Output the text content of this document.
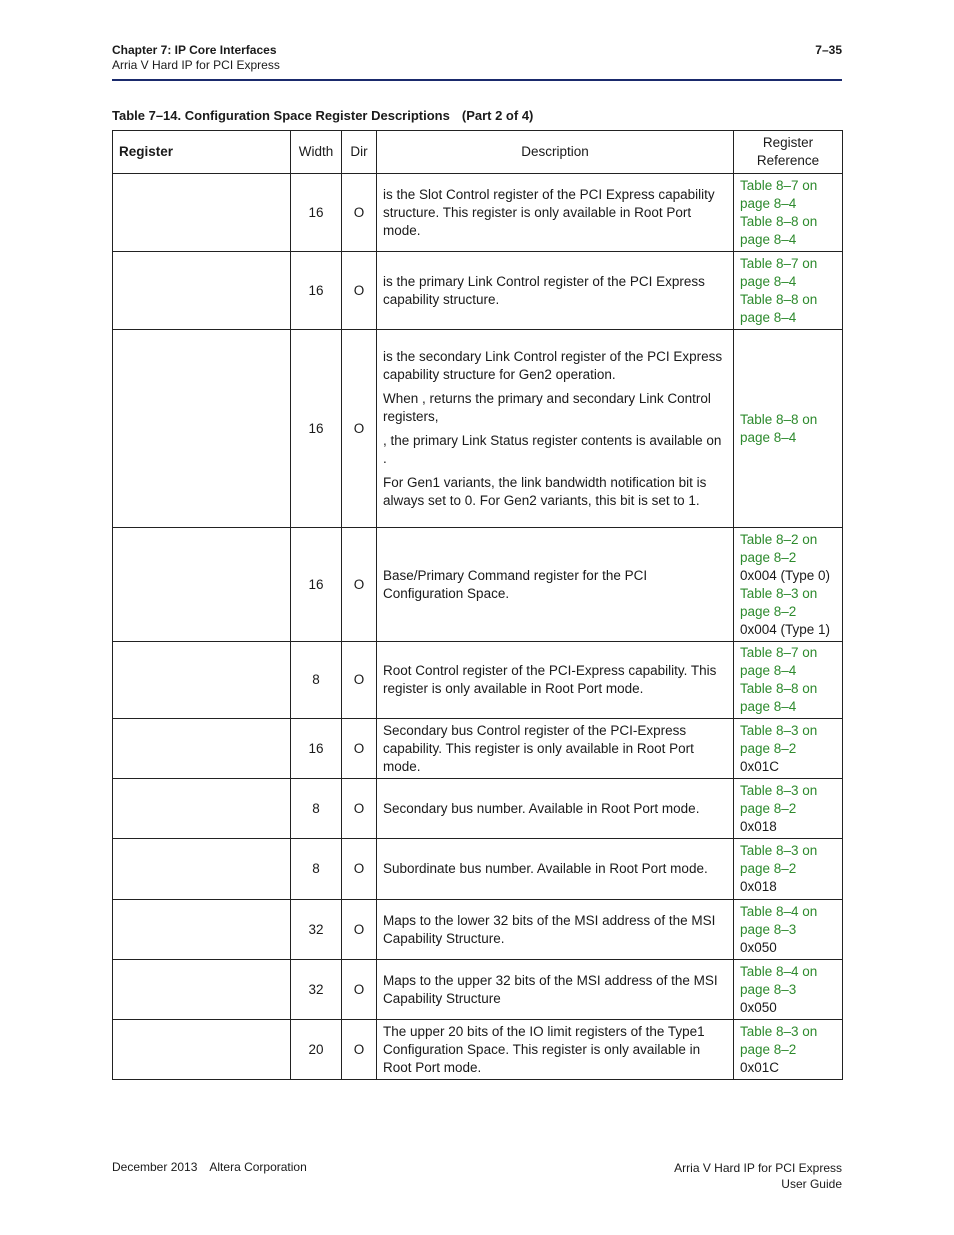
Chapter 7: IP Core Interfaces
Arria V Hard IP for PCI Express
7–35
Table 7–14. Configuration Space Register Descriptions (Part 2 of 4)
Register	Width	Dir	Description	Register Reference
	16	O	is the Slot Control register of the PCI Express capability structure. This register is only available in Root Port mode.	Table 8–7 on page 8–4
Table 8–8 on page 8–4

	16	O	is the primary Link Control register of the PCI Express capability structure.	Table 8–7 on page 8–4
Table 8–8 on page 8–4

	16	O	is the secondary Link Control register of the PCI Express capability structure for Gen2 operation.

When , returns the primary and secondary Link Control registers,

, the primary Link Status register contents is available on

.

For Gen1 variants, the link bandwidth notification bit is always set to 0. For Gen2 variants, this bit is set to 1.	Table 8–8 on page 8–4

	16	O	Base/Primary Command register for the PCI Configuration Space.	Table 8–2 on page 8–2
0x004 (Type 0)
Table 8–3 on page 8–2
0x004 (Type 1)

	8	O	Root Control register of the PCI-Express capability. This register is only available in Root Port mode.	Table 8–7 on page 8–4
Table 8–8 on page 8–4

	16	O	Secondary bus Control register of the PCI-Express capability. This register is only available in Root Port mode.	Table 8–3 on page 8–2
0x01C

	8	O	Secondary bus number. Available in Root Port mode.	Table 8–3 on page 8–2
0x018

	8	O	Subordinate bus number. Available in Root Port mode.	Table 8–3 on page 8–2
0x018

	32	O	Maps to the lower 32 bits of the MSI address of the MSI Capability Structure.	Table 8–4 on page 8–3
0x050

	32	O	Maps to the upper 32 bits of the MSI address of the MSI Capability Structure	Table 8–4 on page 8–3
0x050

	20	O	The upper 20 bits of the IO limit registers of the Type1 Configuration Space. This register is only available in Root Port mode.	Table 8–3 on page 8–2
0x01C
December 2013 Altera Corporation	Arria V Hard IP for PCI Express
User Guide
